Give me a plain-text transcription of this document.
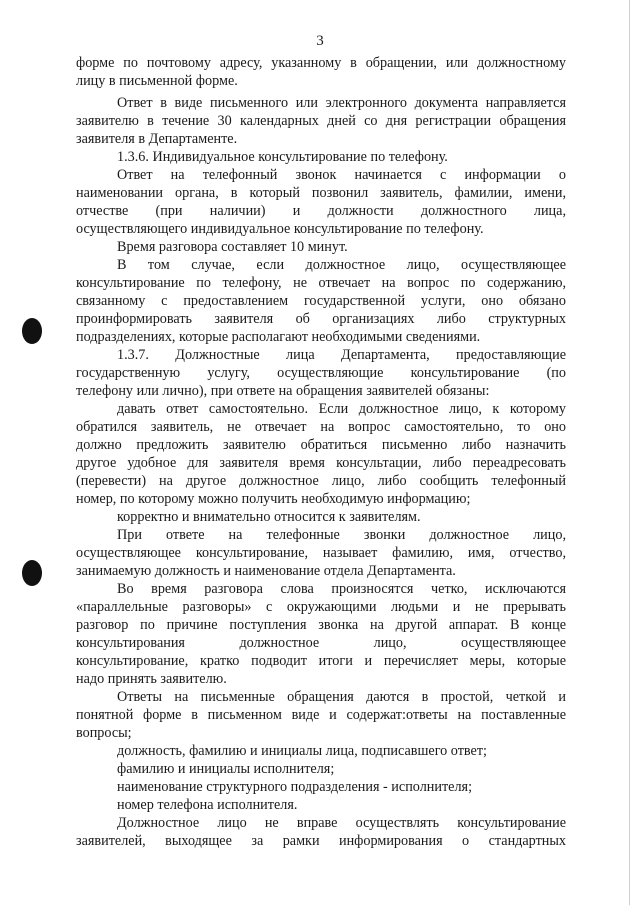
3
форме по почтовому адресу, указанному в обращении, или должностному
лицу в письменной форме.
Ответ в виде письменного или электронного документа направляется
заявителю в течение 30 календарных дней со дня регистрации обращения
заявителя в Департаменте.
1.3.6. Индивидуальное консультирование по телефону.
Ответ на телефонный звонок начинается с информации о
наименовании органа, в который позвонил заявитель, фамилии, имени,
отчестве (при наличии) и должности должностного лица,
осуществляющего индивидуальное консультирование по телефону.
Время разговора составляет 10 минут.
В том случае, если должностное лицо, осуществляющее
консультирование по телефону, не отвечает на вопрос по содержанию,
связанному с предоставлением государственной услуги, оно обязано
проинформировать заявителя об организациях либо структурных
подразделениях, которые располагают необходимыми сведениями.
1.3.7. Должностные лица Департамента, предоставляющие
государственную услугу, осуществляющие консультирование (по
телефону или лично), при ответе на обращения заявителей обязаны:
давать ответ самостоятельно. Если должностное лицо, к которому
обратился заявитель, не отвечает на вопрос самостоятельно, то оно
должно предложить заявителю обратиться письменно либо назначить
другое удобное для заявителя время консультации, либо переадресовать
(перевести) на другое должностное лицо, либо сообщить телефонный
номер, по которому можно получить необходимую информацию;
корректно и внимательно относится к заявителям.
При ответе на телефонные звонки должностное лицо,
осуществляющее консультирование, называет фамилию, имя, отчество,
занимаемую должность и наименование отдела Департамента.
Во время разговора слова произносятся четко, исключаются
«параллельные разговоры» с окружающими людьми и не прерывать
разговор по причине поступления звонка на другой аппарат. В конце
консультирования должностное лицо, осуществляющее
консультирование, кратко подводит итоги и перечисляет меры, которые
надо принять заявителю.
Ответы на письменные обращения даются в простой, четкой и
понятной форме в письменном виде и содержат:ответы на поставленные
вопросы;
должность, фамилию и инициалы лица, подписавшего ответ;
фамилию и инициалы исполнителя;
наименование структурного подразделения - исполнителя;
номер телефона исполнителя.
Должностное лицо не вправе осуществлять консультирование
заявителей, выходящее за рамки информирования о стандартных
